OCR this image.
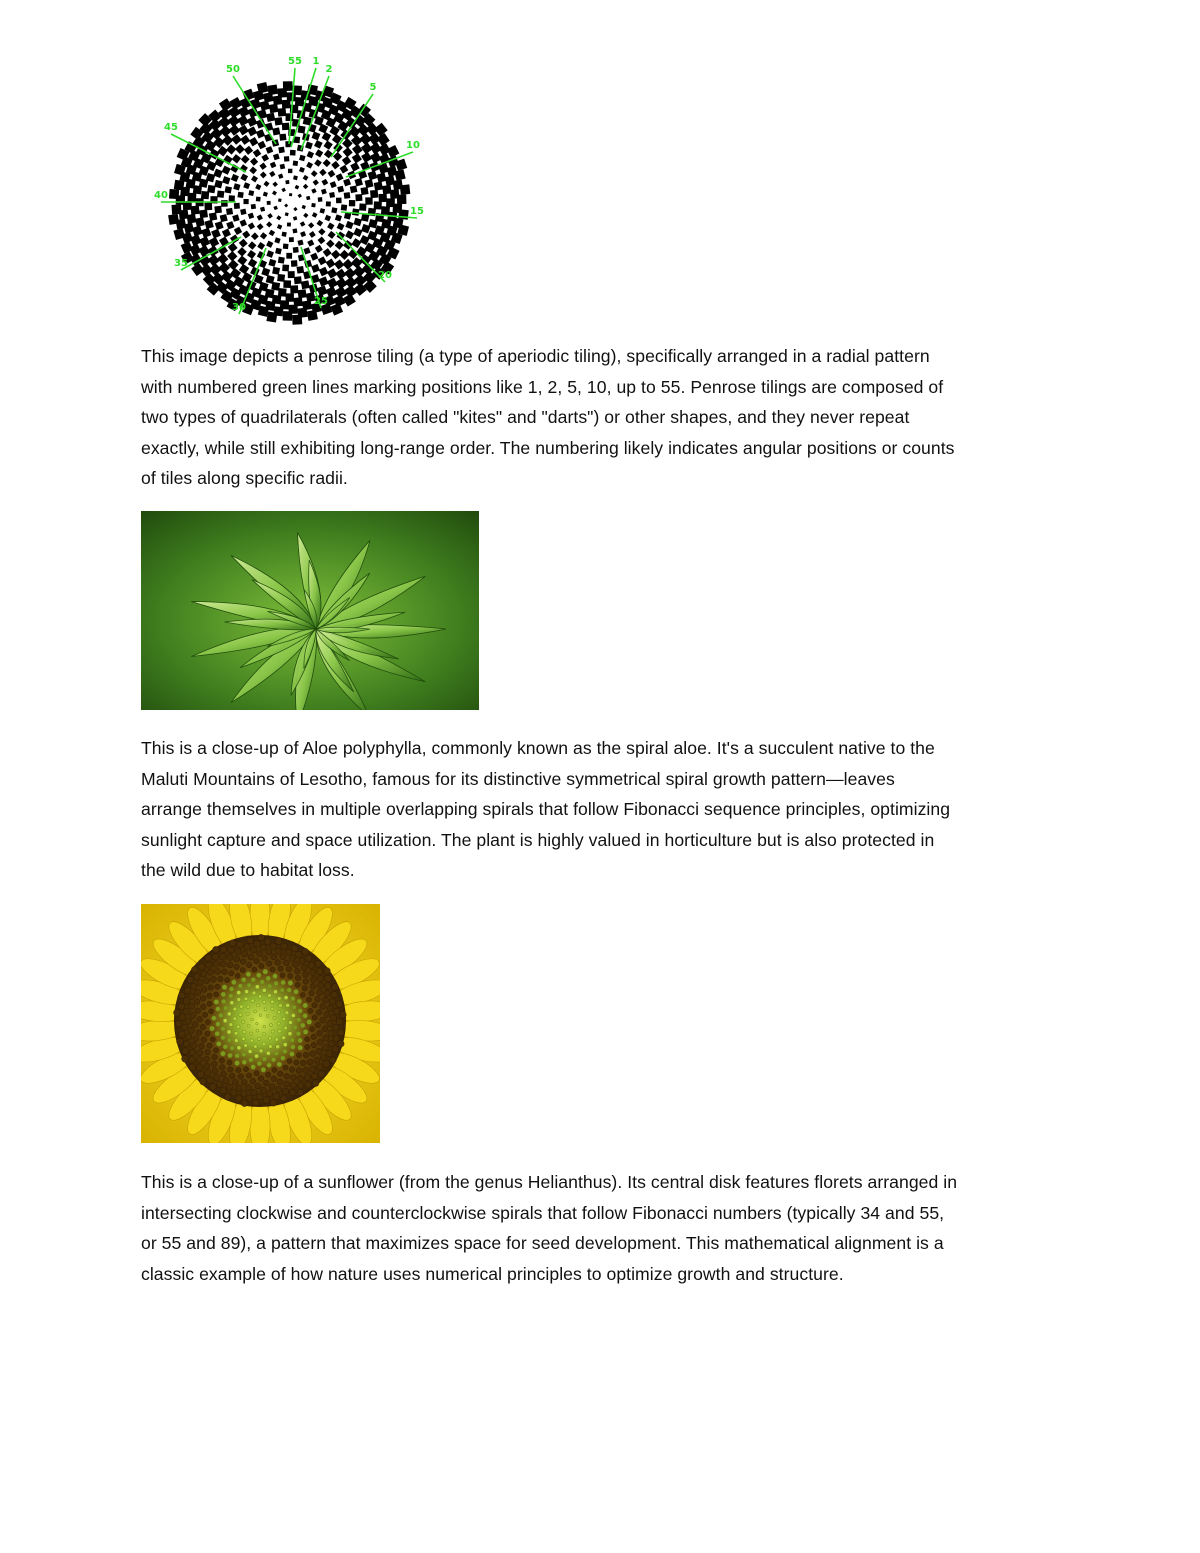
1
2
5
10
15
20
25
30
35
40
45
50
55
This image depicts a penrose tiling (a type of aperiodic tiling), specifically arranged in a radial pattern
with numbered green lines marking positions like 1, 2, 5, 10, up to 55. Penrose tilings are composed of
two types of quadrilaterals (often called "kites" and "darts") or other shapes, and they never repeat
exactly, while still exhibiting long-range order. The numbering likely indicates angular positions or counts
of tiles along specific radii.
This is a close-up of Aloe polyphylla, commonly known as the spiral aloe. It's a succulent native to the
Maluti Mountains of Lesotho, famous for its distinctive symmetrical spiral growth pattern—leaves
arrange themselves in multiple overlapping spirals that follow Fibonacci sequence principles, optimizing
sunlight capture and space utilization. The plant is highly valued in horticulture but is also protected in
the wild due to habitat loss.
This is a close-up of a sunflower (from the genus Helianthus). Its central disk features florets arranged in
intersecting clockwise and counterclockwise spirals that follow Fibonacci numbers (typically 34 and 55,
or 55 and 89), a pattern that maximizes space for seed development. This mathematical alignment is a
classic example of how nature uses numerical principles to optimize growth and structure.
